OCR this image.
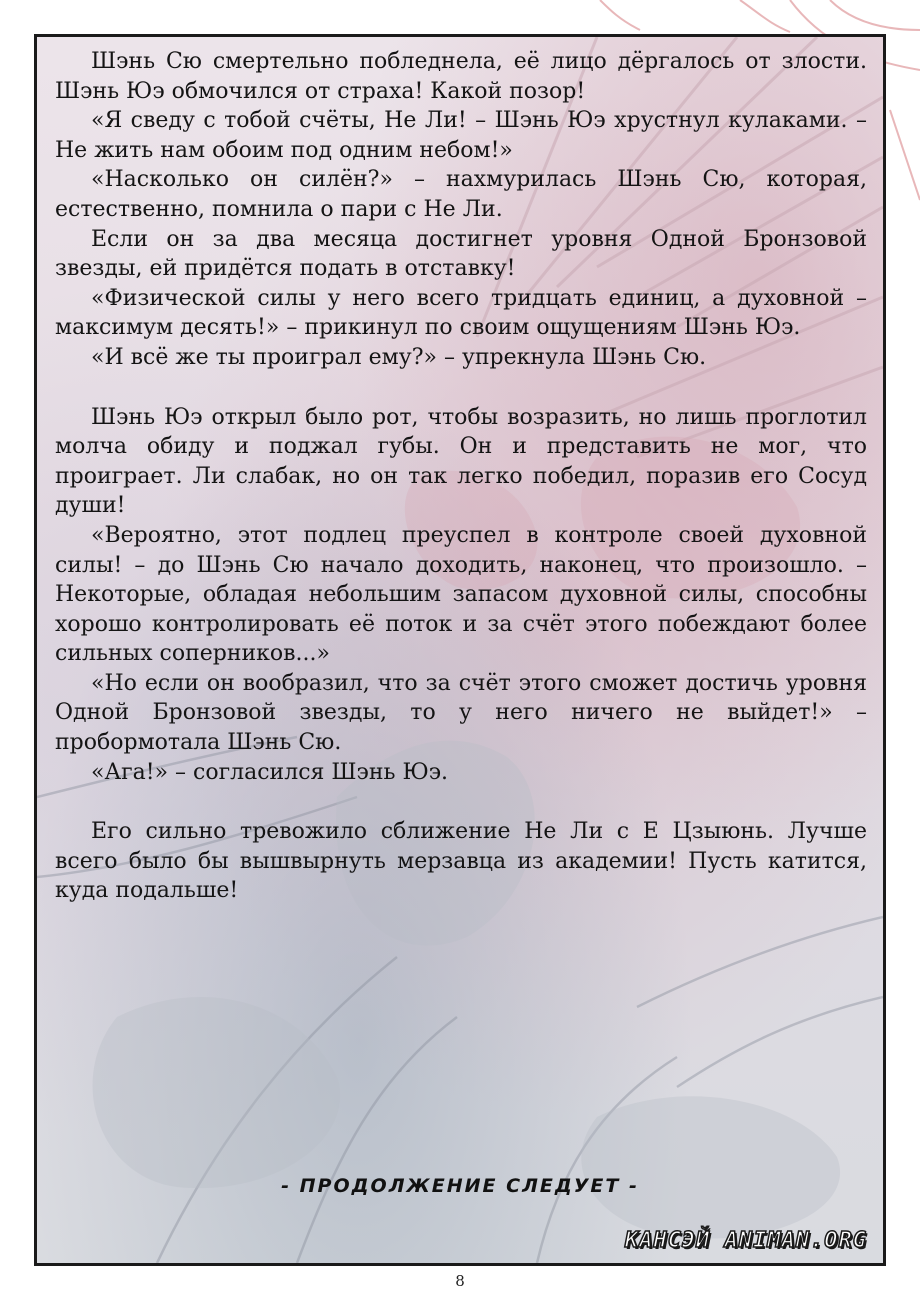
Шэнь Сю смертельно побледнела, её лицо дёргалось от злости. Шэнь Юэ обмочился от страха! Какой позор!

«Я сведу с тобой счёты, Не Ли! – Шэнь Юэ хрустнул кулаками. – Не жить нам обоим под одним небом!»

«Насколько он силён?» – нахмурилась Шэнь Сю, которая, естественно, помнила о пари с Не Ли.

Если он за два месяца достигнет уровня Одной Бронзовой звезды, ей придётся подать в отставку!

«Физической силы у него всего тридцать единиц, а духовной – максимум десять!» – прикинул по своим ощущениям Шэнь Юэ.

«И всё же ты проиграл ему?» – упрекнула Шэнь Сю.

Шэнь Юэ открыл было рот, чтобы возразить, но лишь проглотил молча обиду и поджал губы. Он и представить не мог, что проиграет. Ли слабак, но он так легко победил, поразив его Сосуд души!

«Вероятно, этот подлец преуспел в контроле своей духовной силы! – до Шэнь Сю начало доходить, наконец, что произошло. – Некоторые, обладая небольшим запасом духовной силы, способны хорошо контролировать её поток и за счёт этого побеждают более сильных соперников...»

«Но если он вообразил, что за счёт этого сможет достичь уровня Одной Бронзовой звезды, то у него ничего не выйдет!» – пробормотала Шэнь Сю.

«Ага!» – согласился Шэнь Юэ.

Его сильно тревожило сближение Не Ли с Е Цзыюнь. Лучше всего было бы вышвырнуть мерзавца из академии! Пусть катится, куда подальше!

- ПРОДОЛЖЕНИЕ СЛЕДУЕТ -
КАНСЭЙ ANIMAN.ORG
8
